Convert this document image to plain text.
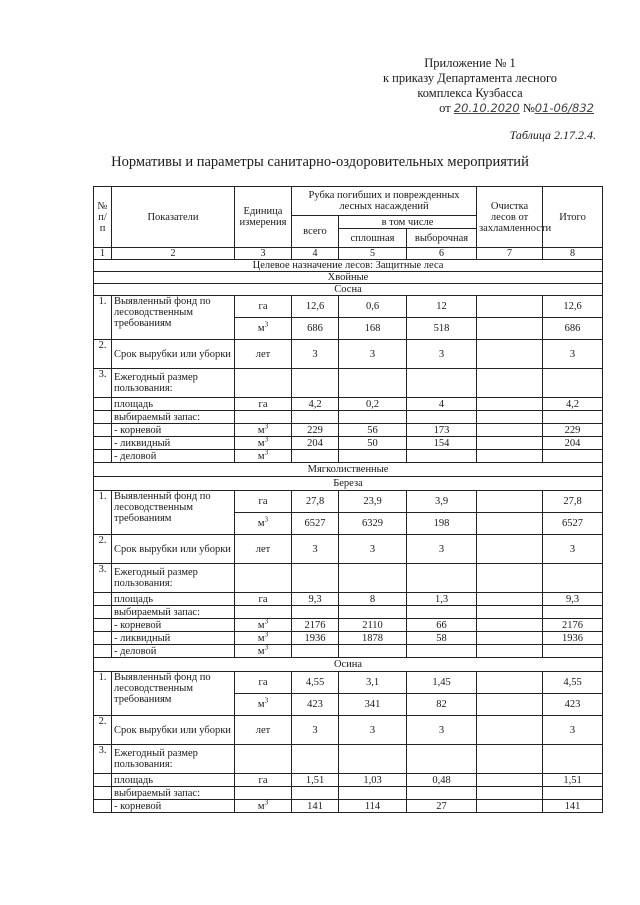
Приложение № 1
к приказу Департамента лесного
комплекса Кузбасса
от 20.10.2020 №01-06/832
Таблица 2.17.2.4.
Нормативы и параметры санитарно-оздоровительных мероприятий
№ п/п	Показатели	Единица измерения	Рубка погибших и поврежденных лесных насаждений			Очистка лесов от захламленности	Итого
			всего	в том числе			
				сплошная	выборочная		
1	2	3	4	5	6	7	8
Целевое назначение лесов: Защитные леса							
Хвойные							
Сосна							
1.	Выявленный фонд по лесоводственным требованиям	га	12,6	0,6	12		12,6
		$м^3$	686	168	518		686
2.	Срок вырубки или уборки	лет	3	3	3		3
3.	Ежегодный размер пользования:						
	площадь	га	4,2	0,2	4		4,2
	выбираемый запас:						
	- корневой	$м^3$	229	56	173		229
	- ликвидный	$м^3$	204	50	154		204
	- деловой	$м^3$					
Мягколиственные							
Береза							
1.	Выявленный фонд по лесоводственным требованиям	га	27,8	23,9	3,9		27,8
		$м^3$	6527	6329	198		6527
2.	Срок вырубки или уборки	лет	3	3	3		3
3.	Ежегодный размер пользования:						
	площадь	га	9,3	8	1,3		9,3
	выбираемый запас:						
	- корневой	$м^3$	2176	2110	66		2176
	- ликвидный	$м^3$	1936	1878	58		1936
	- деловой	$м^3$					
Осина							
1.	Выявленный фонд по лесоводственным требованиям	га	4,55	3,1	1,45		4,55
		$м^3$	423	341	82		423
2.	Срок вырубки или уборки	лет	3	3	3		3
3.	Ежегодный размер пользования:						
	площадь	га	1,51	1,03	0,48		1,51
	выбираемый запас:						
	- корневой	$м^3$	141	114	27		141
